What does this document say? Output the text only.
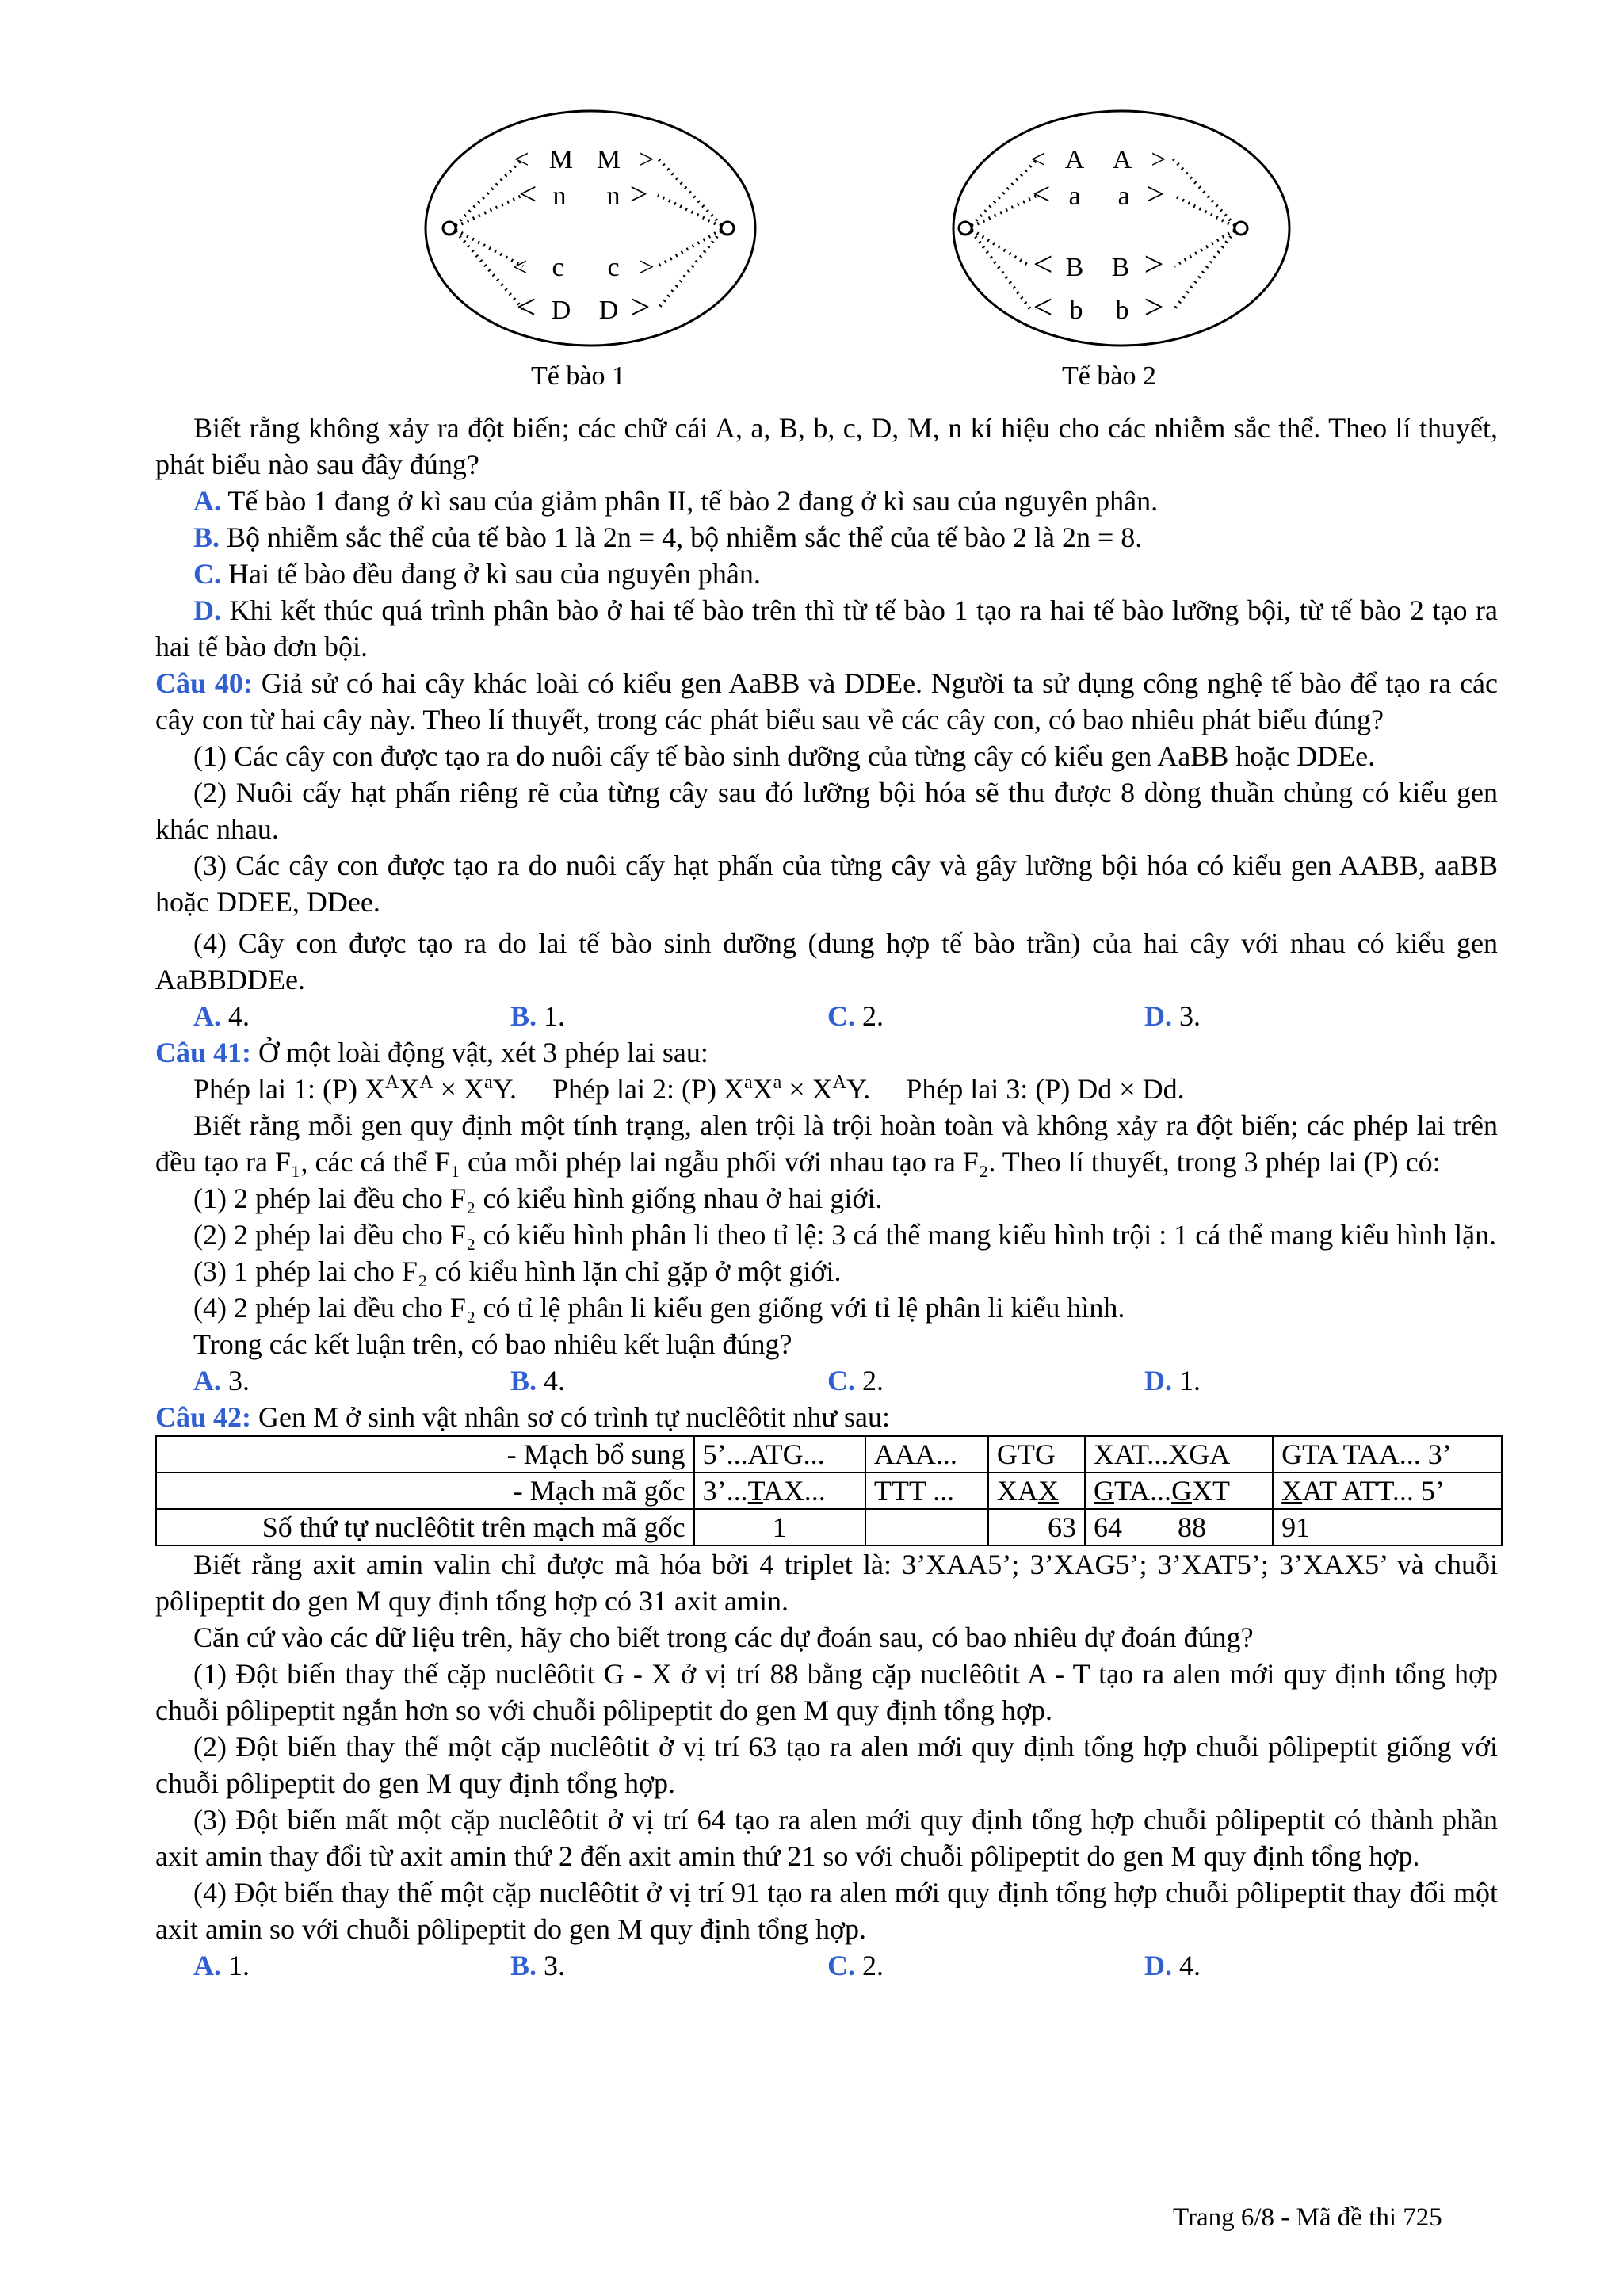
< M M >
< n n >
< c c >
< D D >
< A A >
< a a >
< B B >
< b b >
Tế bào 1	Tế bào 2

Biết rằng không xảy ra đột biến; các chữ cái A, a, B, b, c, D, M, n kí hiệu cho các nhiễm sắc thể. Theo lí thuyết, phát biểu nào sau đây đúng?

A. Tế bào 1 đang ở kì sau của giảm phân II, tế bào 2 đang ở kì sau của nguyên phân.

B. Bộ nhiễm sắc thể của tế bào 1 là 2n = 4, bộ nhiễm sắc thể của tế bào 2 là 2n = 8.

C. Hai tế bào đều đang ở kì sau của nguyên phân.

D. Khi kết thúc quá trình phân bào ở hai tế bào trên thì từ tế bào 1 tạo ra hai tế bào lưỡng bội, từ tế bào 2 tạo ra hai tế bào đơn bội.

Câu 40: Giả sử có hai cây khác loài có kiểu gen AaBB và DDEe. Người ta sử dụng công nghệ tế bào để tạo ra các cây con từ hai cây này. Theo lí thuyết, trong các phát biểu sau về các cây con, có bao nhiêu phát biểu đúng?

(1) Các cây con được tạo ra do nuôi cấy tế bào sinh dưỡng của từng cây có kiểu gen AaBB hoặc DDEe.

(2) Nuôi cấy hạt phấn riêng rẽ của từng cây sau đó lưỡng bội hóa sẽ thu được 8 dòng thuần chủng có kiểu gen khác nhau.

(3) Các cây con được tạo ra do nuôi cấy hạt phấn của từng cây và gây lưỡng bội hóa có kiểu gen AABB, aaBB hoặc DDEE, DDee.

(4) Cây con được tạo ra do lai tế bào sinh dưỡng (dung hợp tế bào trần) của hai cây với nhau có kiểu gen AaBBDDEe.

A. 4.	B. 1.	C. 2.	D. 3.

Câu 41: Ở một loài động vật, xét 3 phép lai sau:

Phép lai 1: (P) $X^AX^A \times X^aY$.     Phép lai 2: (P) $X^aX^a \times X^AY$.     Phép lai 3: (P) Dd × Dd.

Biết rằng mỗi gen quy định một tính trạng, alen trội là trội hoàn toàn và không xảy ra đột biến; các phép lai trên đều tạo ra F₁, các cá thể F₁ của mỗi phép lai ngẫu phối với nhau tạo ra F₂. Theo lí thuyết, trong 3 phép lai (P) có:

(1) 2 phép lai đều cho F₂ có kiểu hình giống nhau ở hai giới.

(2) 2 phép lai đều cho F₂ có kiểu hình phân li theo tỉ lệ: 3 cá thể mang kiểu hình trội : 1 cá thể mang kiểu hình lặn.

(3) 1 phép lai cho F₂ có kiểu hình lặn chỉ gặp ở một giới.

(4) 2 phép lai đều cho F₂ có tỉ lệ phân li kiểu gen giống với tỉ lệ phân li kiểu hình.

Trong các kết luận trên, có bao nhiêu kết luận đúng?

A. 3.	B. 4.	C. 2.	D. 1.

Câu 42: Gen M ở sinh vật nhân sơ có trình tự nuclêôtit như sau:

- Mạch bổ sung	5’...ATG...	AAA...	GTG	XAT...XGA	GTA TAA... 3’
- Mạch mã gốc	3’...TAX...	TTT ...	XAX	GTA...GXT	XAT ATT... 5’
Số thứ tự nuclêôtit trên mạch mã gốc	1		63	64 88	91

Biết rằng axit amin valin chỉ được mã hóa bởi 4 triplet là: 3’XAA5’; 3’XAG5’; 3’XAT5’; 3’XAX5’ và chuỗi pôlipeptit do gen M quy định tổng hợp có 31 axit amin.

Căn cứ vào các dữ liệu trên, hãy cho biết trong các dự đoán sau, có bao nhiêu dự đoán đúng?

(1) Đột biến thay thế cặp nuclêôtit G - X ở vị trí 88 bằng cặp nuclêôtit A - T tạo ra alen mới quy định tổng hợp chuỗi pôlipeptit ngắn hơn so với chuỗi pôlipeptit do gen M quy định tổng hợp.

(2) Đột biến thay thế một cặp nuclêôtit ở vị trí 63 tạo ra alen mới quy định tổng hợp chuỗi pôlipeptit giống với chuỗi pôlipeptit do gen M quy định tổng hợp.

(3) Đột biến mất một cặp nuclêôtit ở vị trí 64 tạo ra alen mới quy định tổng hợp chuỗi pôlipeptit có thành phần axit amin thay đổi từ axit amin thứ 2 đến axit amin thứ 21 so với chuỗi pôlipeptit do gen M quy định tổng hợp.

(4) Đột biến thay thế một cặp nuclêôtit ở vị trí 91 tạo ra alen mới quy định tổng hợp chuỗi pôlipeptit thay đổi một axit amin so với chuỗi pôlipeptit do gen M quy định tổng hợp.

A. 1.	B. 3.	C. 2.	D. 4.
Trang 6/8 - Mã đề thi 725
